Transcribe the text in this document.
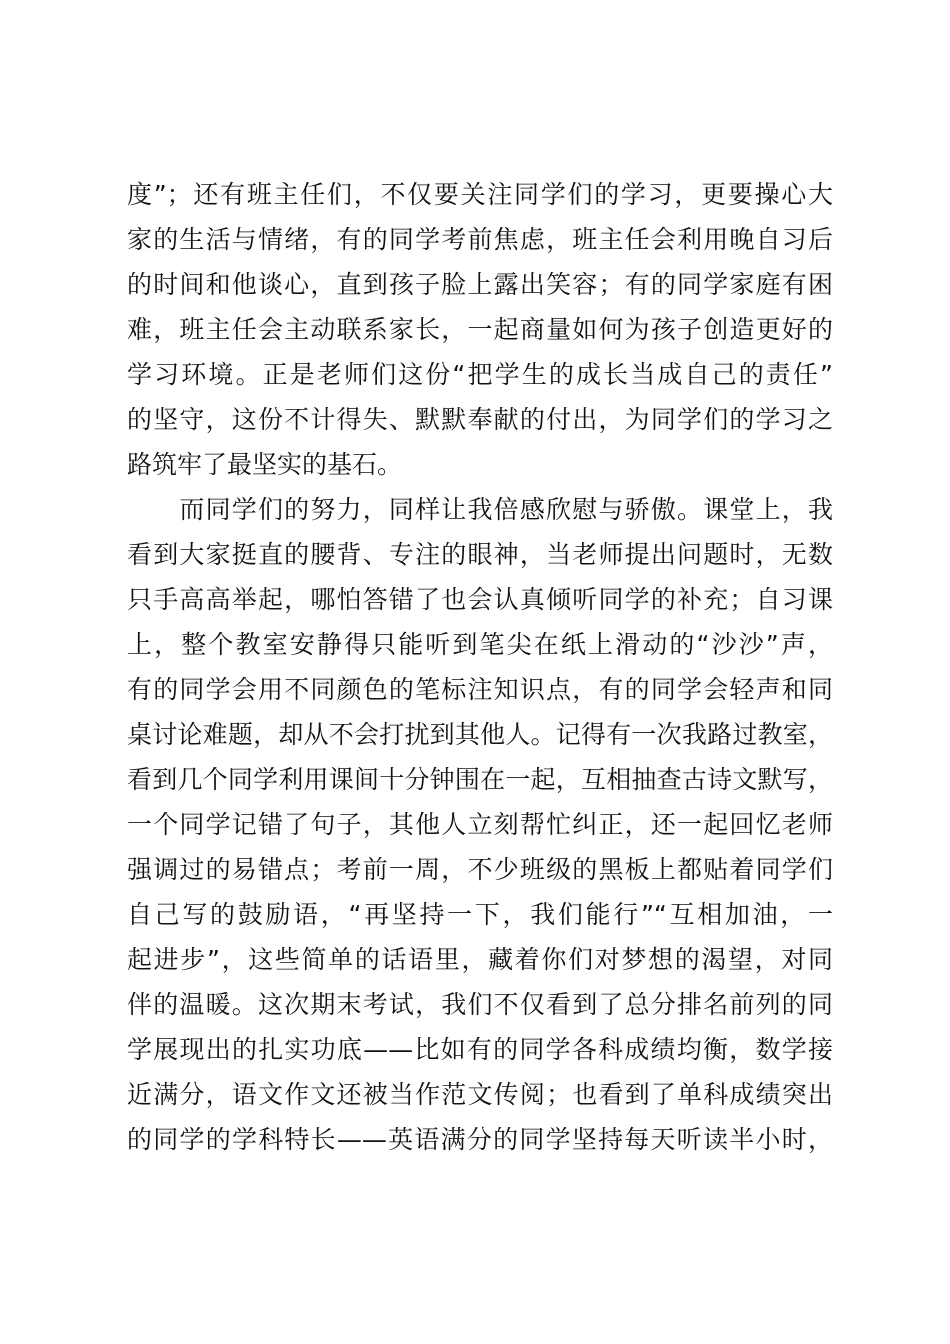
度”；还有班主任们，不仅要关注同学们的学习，更要操心大
家的生活与情绪，有的同学考前焦虑，班主任会利用晚自习后
的时间和他谈心，直到孩子脸上露出笑容；有的同学家庭有困
难，班主任会主动联系家长，一起商量如何为孩子创造更好的
学习环境。正是老师们这份“把学生的成长当成自己的责任”
的坚守，这份不计得失、默默奉献的付出，为同学们的学习之
路筑牢了最坚实的基石。
　　而同学们的努力，同样让我倍感欣慰与骄傲。课堂上，我
看到大家挺直的腰背、专注的眼神，当老师提出问题时，无数
只手高高举起，哪怕答错了也会认真倾听同学的补充；自习课
上，整个教室安静得只能听到笔尖在纸上滑动的“沙沙”声，
有的同学会用不同颜色的笔标注知识点，有的同学会轻声和同
桌讨论难题，却从不会打扰到其他人。记得有一次我路过教室，
看到几个同学利用课间十分钟围在一起，互相抽查古诗文默写，
一个同学记错了句子，其他人立刻帮忙纠正，还一起回忆老师
强调过的易错点；考前一周，不少班级的黑板上都贴着同学们
自己写的鼓励语，“再坚持一下，我们能行”“互相加油，一
起进步”，这些简单的话语里，藏着你们对梦想的渴望，对同
伴的温暖。这次期末考试，我们不仅看到了总分排名前列的同
学展现出的扎实功底——比如有的同学各科成绩均衡，数学接
近满分，语文作文还被当作范文传阅；也看到了单科成绩突出
的同学的学科特长——英语满分的同学坚持每天听读半小时，
